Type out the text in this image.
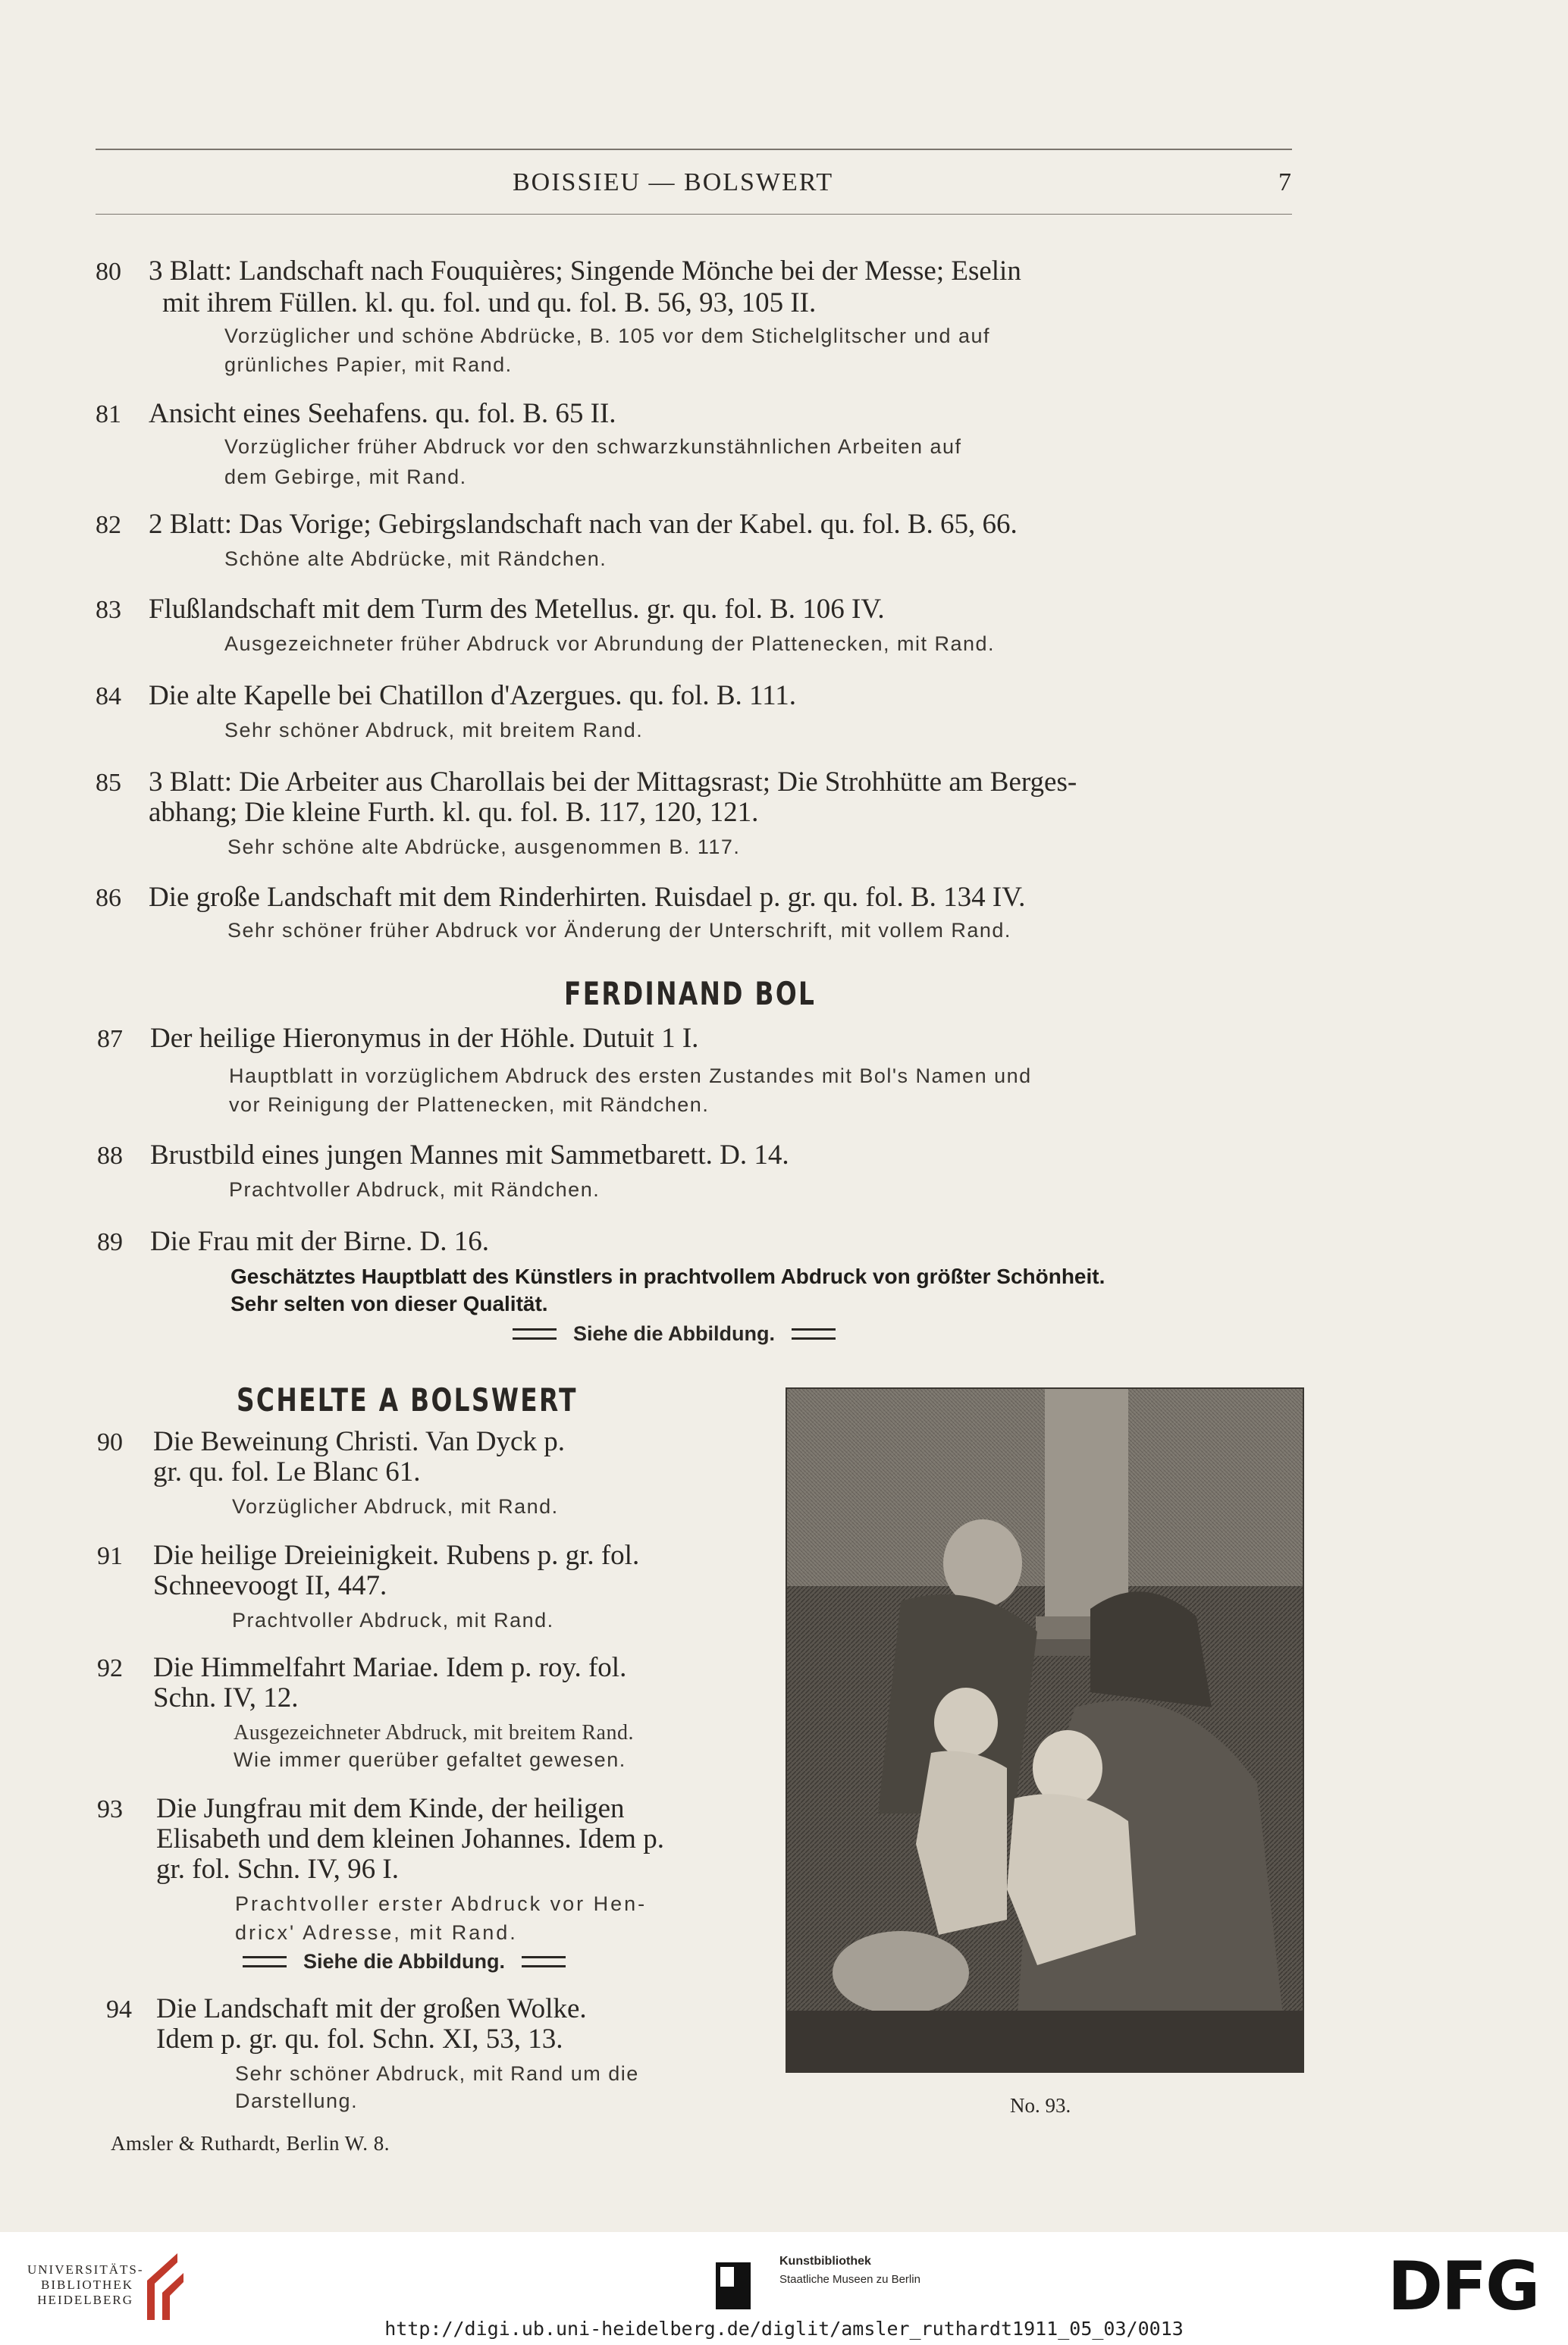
BOISSIEU — BOLSWERT	7
80 3 Blatt: Landschaft nach Fouquières; Singende Mönche bei der Messe; Eselin
mit ihrem Füllen. kl. qu. fol. und qu. fol. B. 56, 93, 105 II.
Vorzüglicher und schöne Abdrücke, B. 105 vor dem Stichelglitscher und auf
grünliches Papier, mit Rand.
81 Ansicht eines Seehafens. qu. fol. B. 65 II.
Vorzüglicher früher Abdruck vor den schwarzkunstähnlichen Arbeiten auf
dem Gebirge, mit Rand.
82 2 Blatt: Das Vorige; Gebirgslandschaft nach van der Kabel. qu. fol. B. 65, 66.
Schöne alte Abdrücke, mit Rändchen.
83 Flußlandschaft mit dem Turm des Metellus. gr. qu. fol. B. 106 IV.
Ausgezeichneter früher Abdruck vor Abrundung der Plattenecken, mit Rand.
84 Die alte Kapelle bei Chatillon d'Azergues. qu. fol. B. 111.
Sehr schöner Abdruck, mit breitem Rand.
85 3 Blatt: Die Arbeiter aus Charollais bei der Mittagsrast; Die Strohhütte am Berges-
abhang; Die kleine Furth. kl. qu. fol. B. 117, 120, 121.
Sehr schöne alte Abdrücke, ausgenommen B. 117.
86 Die große Landschaft mit dem Rinderhirten. Ruisdael p. gr. qu. fol. B. 134 IV.
Sehr schöner früher Abdruck vor Änderung der Unterschrift, mit vollem Rand.
FERDINAND BOL
87 Der heilige Hieronymus in der Höhle. Dutuit 1 I.
Hauptblatt in vorzüglichem Abdruck des ersten Zustandes mit Bol's Namen und
vor Reinigung der Plattenecken, mit Rändchen.
88 Brustbild eines jungen Mannes mit Sammetbarett. D. 14.
Prachtvoller Abdruck, mit Rändchen.
89 Die Frau mit der Birne. D. 16.
Geschätztes Hauptblatt des Künstlers in prachtvollem Abdruck von größter Schönheit.
Sehr selten von dieser Qualität.
Siehe die Abbildung.
SCHELTE A BOLSWERT
90 Die Beweinung Christi. Van Dyck p.
gr. qu. fol. Le Blanc 61.
Vorzüglicher Abdruck, mit Rand.
91 Die heilige Dreieinigkeit. Rubens p. gr. fol.
Schneevoogt II, 447.
Prachtvoller Abdruck, mit Rand.
92 Die Himmelfahrt Mariae. Idem p. roy. fol.
Schn. IV, 12.
Ausgezeichneter Abdruck, mit breitem Rand.
Wie immer querüber gefaltet gewesen.
93 Die Jungfrau mit dem Kinde, der heiligen
Elisabeth und dem kleinen Johannes. Idem p.
gr. fol. Schn. IV, 96 I.
Prachtvoller erster Abdruck vor Hen-
dricx' Adresse, mit Rand.
Siehe die Abbildung.
94 Die Landschaft mit der großen Wolke.
Idem p. gr. qu. fol. Schn. XI, 53, 13.
Sehr schöner Abdruck, mit Rand um die
Darstellung.	No. 93.
Amsler & Ruthardt, Berlin W. 8.
UNIVERSITÄTS-
BIBLIOTHEK
HEIDELBERG
Kunstbibliothek
Staatliche Museen zu Berlin	DFG
http://digi.ub.uni-heidelberg.de/diglit/amsler_ruthardt1911_05_03/0013
